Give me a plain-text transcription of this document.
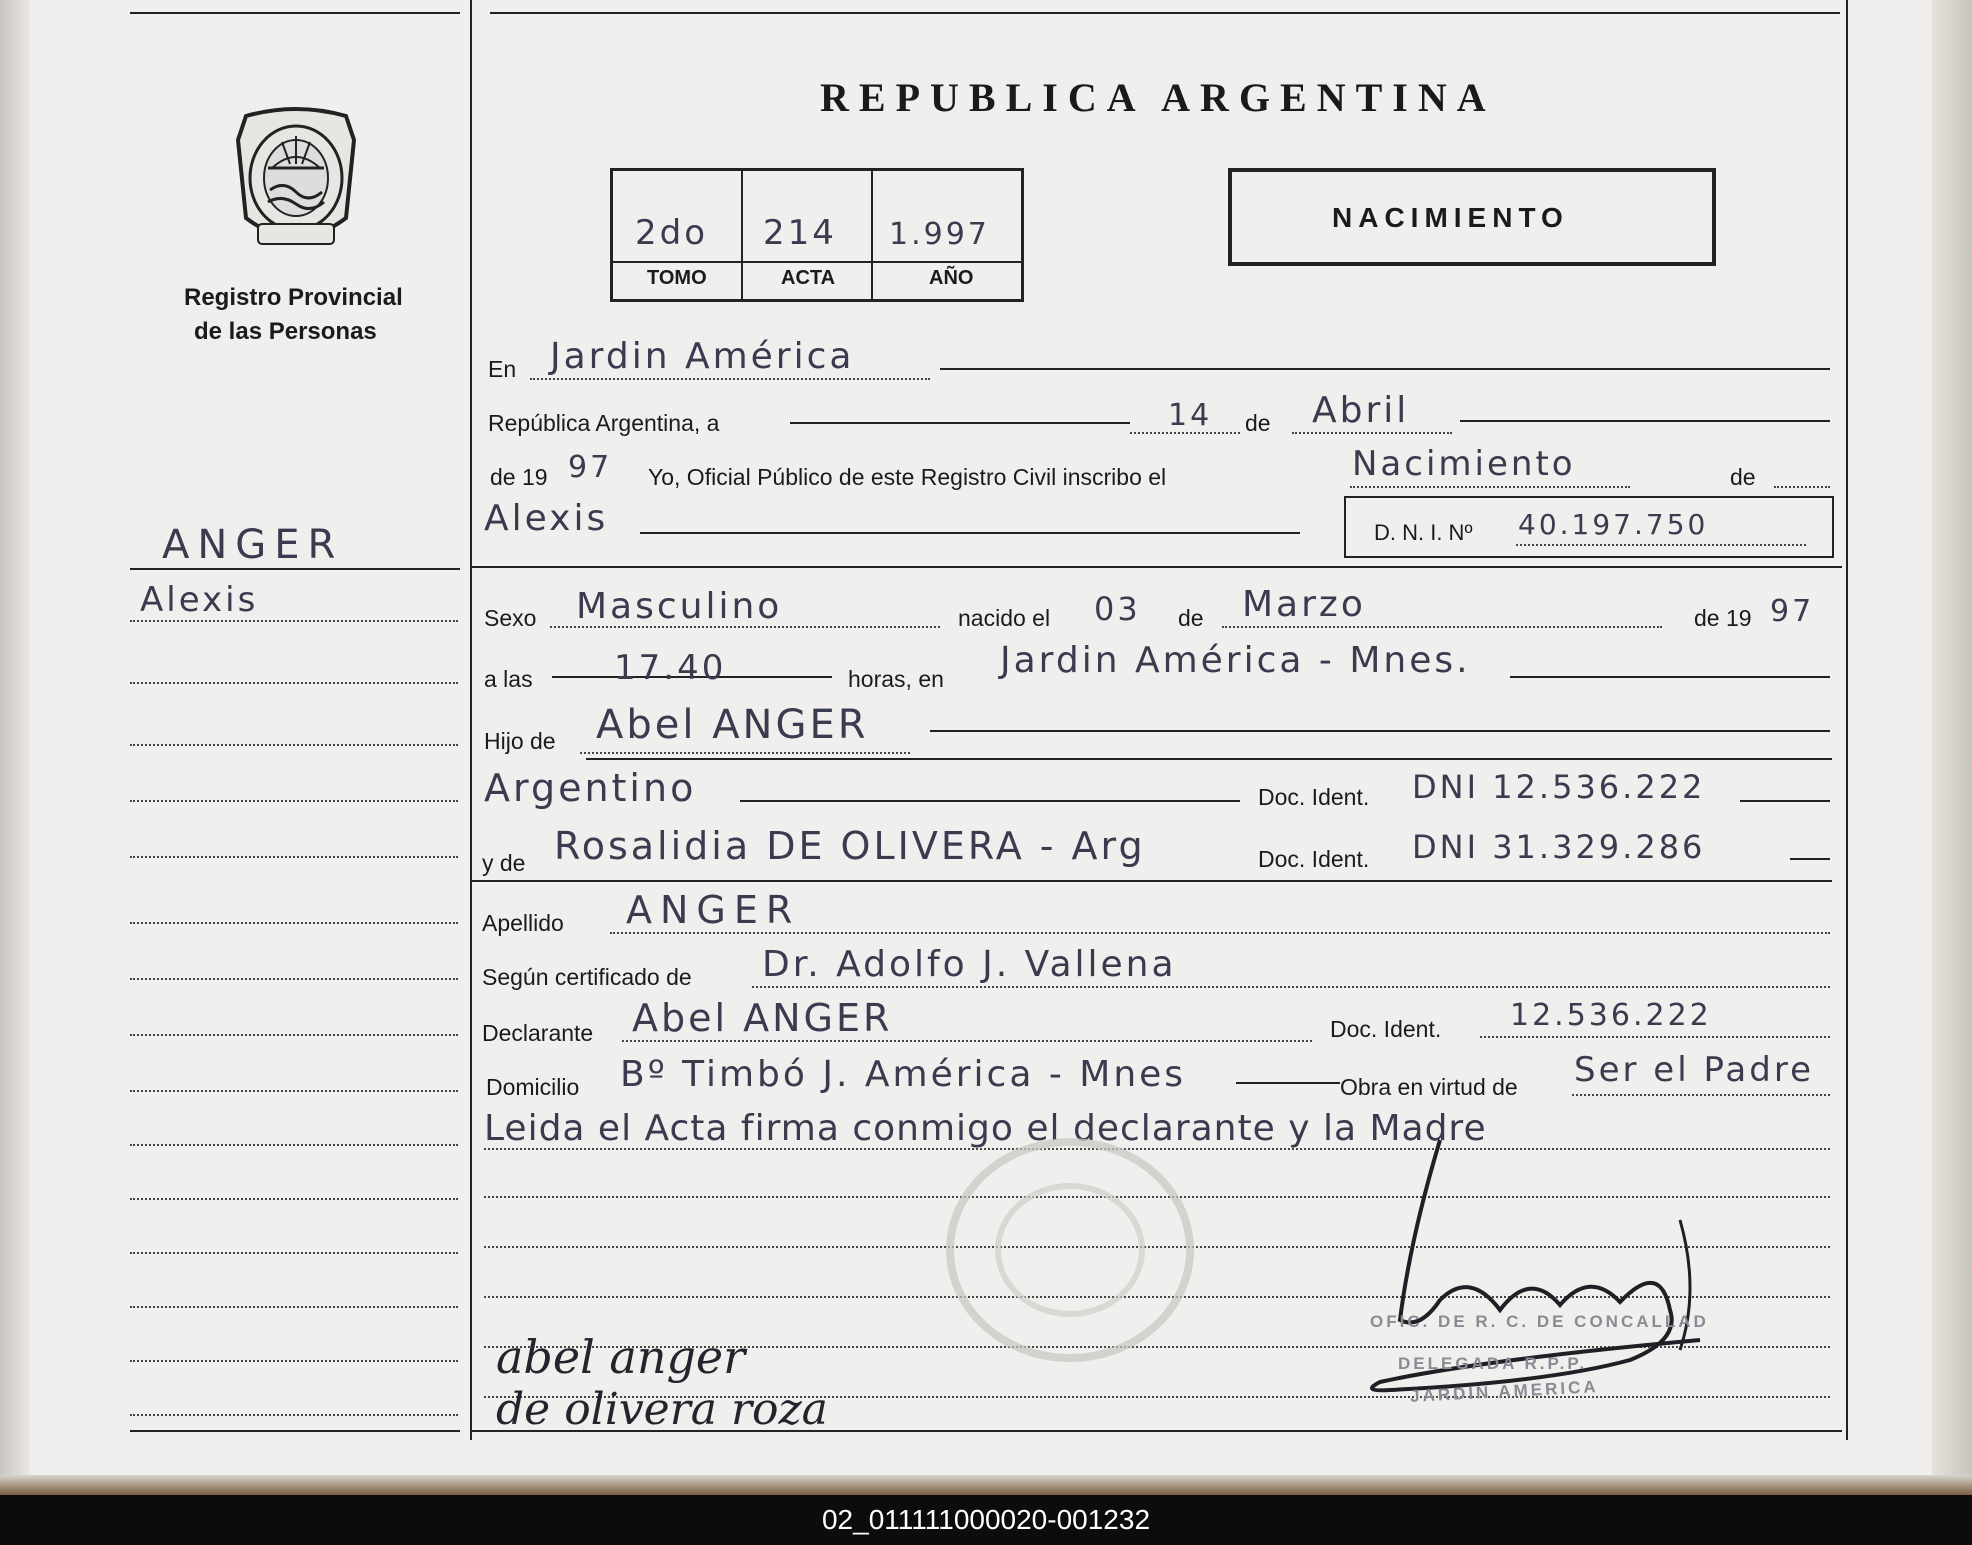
Registro Provincial
de las Personas
REPUBLICA ARGENTINA
2do 214 1.997
TOMO	ACTA	AÑO
NACIMIENTO
ANGER
Alexis
En Jardin América
República Argentina, a	14 de Abril
de 19 97 Yo, Oficial Público de este Registro Civil inscribo el	Nacimiento	de
Alexis	D. N. I. Nº 40.197.750
Sexo Masculino	nacido el 03 de Marzo	de 19 97
a las 17.40	horas, en Jardin América - Mnes.
Hijo de Abel ANGER
Argentino	Doc. Ident. DNI 12.536.222
y de Rosalidia DE OLIVERA - Arg	Doc. Ident. DNI 31.329.286
Apellido ANGER
Según certificado de Dr. Adolfo J. Vallena
Declarante Abel ANGER	Doc. Ident. 12.536.222
Domicilio Bº Timbó J. América - Mnes	Obra en virtud de Ser el Padre
Leida el Acta firma conmigo el declarante y la Madre
abel anger
de olivera roza
OFIC. DE R. C. DE CONCALLAD
DELEGADA R.P.P.
JARDIN AMERICA
02_011111000020-001232
